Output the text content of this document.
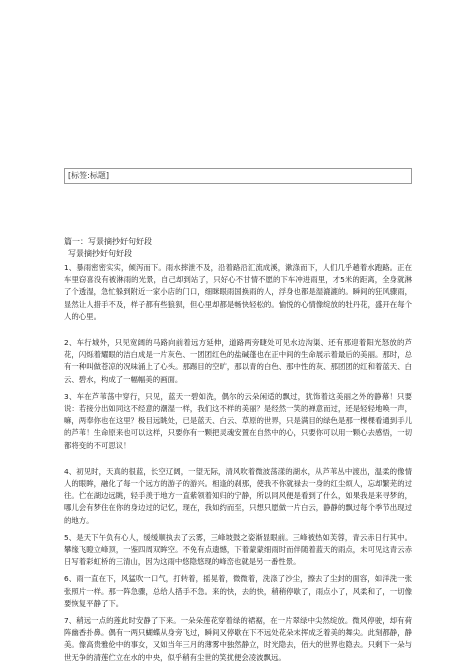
[标签:标题]

篇一：写景摘抄好句好段

写景摘抄好句好段

1、暴雨密密实实，倾泻而下。雨水摔泄不及，沿着路沿汇流成溪，漱涤而下，人们几乎趟着水跑路。正在车里窃喜没有被淋雨的光景，自己却到站了，只好心不甘情不愿的下车冲进雨里，才5米的距离，全身就淋了个透湿，急忙躲到附近一家小店的门口，细眯眼雨国换雨的人，浮身也都是湿漉漉的。瞬间的狂风骤雨，显然让人措手不及，样子都有些狼狈，但心里却都是畅快轻松的。愉悦的心情像绽放的牡丹花，盛开在每个人的心里。

2、车行城外，只见宽阔的马路向前着远方延伸，道路两旁睫处可见水边沟渠、还有那迎着阳光怒放的芦花，闪烁着耀眼的洁白成是一片灰色、一团团红色的盐碱蓬也在正中间的生命展示着最后的美丽。那时，总有一种叫做苍凉的况味涌上了心头。那踢目的空旷，那以青的白色、那中性的灰、那团团的红和着蓝天、白云、碧水，构成了一幅幅美的画面。

3、车在芦苇荡中穿行，只见，蓝天一碧如洗，偶尔的云朵闲适的飘过，犹饰着这美丽之外的静幕！只要说：若接分出如同这不经意的潮湿一样，我们这不样的美丽？是经然一笑的禅意而过，还是轻轻地唤一声，嘛，两奉你也在这里？极目远眺处，已是蓝天、白云、草原的世界，只是满目的绿色是那一棵棵看通到手儿的芦苇！生命原来也可以这样，只要你有一颗把灵魂安置在自然中的心，只要你可以用一颗心去感悟，一切都将变的不可思议！

4、初见时，天真的很蓝，长空辽阔，一望无际，清风吹着微波荡漾的湖水，从芦苇丛中渡出，温柔的像情人的眼眸，融化了每一个远方的游子的游兴。相逢的刹那，使我不你就禄去一身的红尘烦人，忘却繁芜的过往。伫在湖边远眺，轻手羡于地方一直紫领着知归的宁静，所以同风便是看到了什么，如果我是来寻梦的，哪儿会有梦住在你的身边过的记忆，现在，我如约而至，只想只愿做一片白云，静静的飘过每个季节出现过的地方。

5、是天下午负有心人，缓缓顺执去了云雾，三峰坡鼓之姿渐显眼前。三峰被热如芙蓉，青云赤日行其中。攀缘飞瞪立峰顶，一鉴四周双眸空。不免有点遗憾，下着蒙蒙细雨时而伴随着蓝天的雨点，未可见这青云赤日写着彩虹桥的三清山，因为这雨中悠隐悠现的峰峦也就是另一番性景。

6、雨一直在下，风猛吹一口气，打转着，摇晃着，微微着，洗涤了沙尘，擦去了尘封的面容，如洋洗一张张照片一样。那一阵急骤，总给人措手不急。来的快，去的快，稍稍停歇了，雨点小了，风柔和了，一切像要恢复平静了下。

7、稍远一点的莲此时安静了下来。一朵朵莲花穿着绿的裙裾，在一片翠绿中尖然绽放。微风停驶，却有荷阵幽香扑鼻。偶有一两只蝴蝶从身旁飞过，瞬间又停歇在下不远处花朵末挥成乏着美的舞尖。此刻都静，静美。像高贵雅伦中的事女，又如当年三月的薄雾中独然静立，时光隐去，佰大的世界也隐去。只剩下一朵与世无争的清莲伫立在水的中央，似乎稍有尘世的笑扰便会凌波飘远。
